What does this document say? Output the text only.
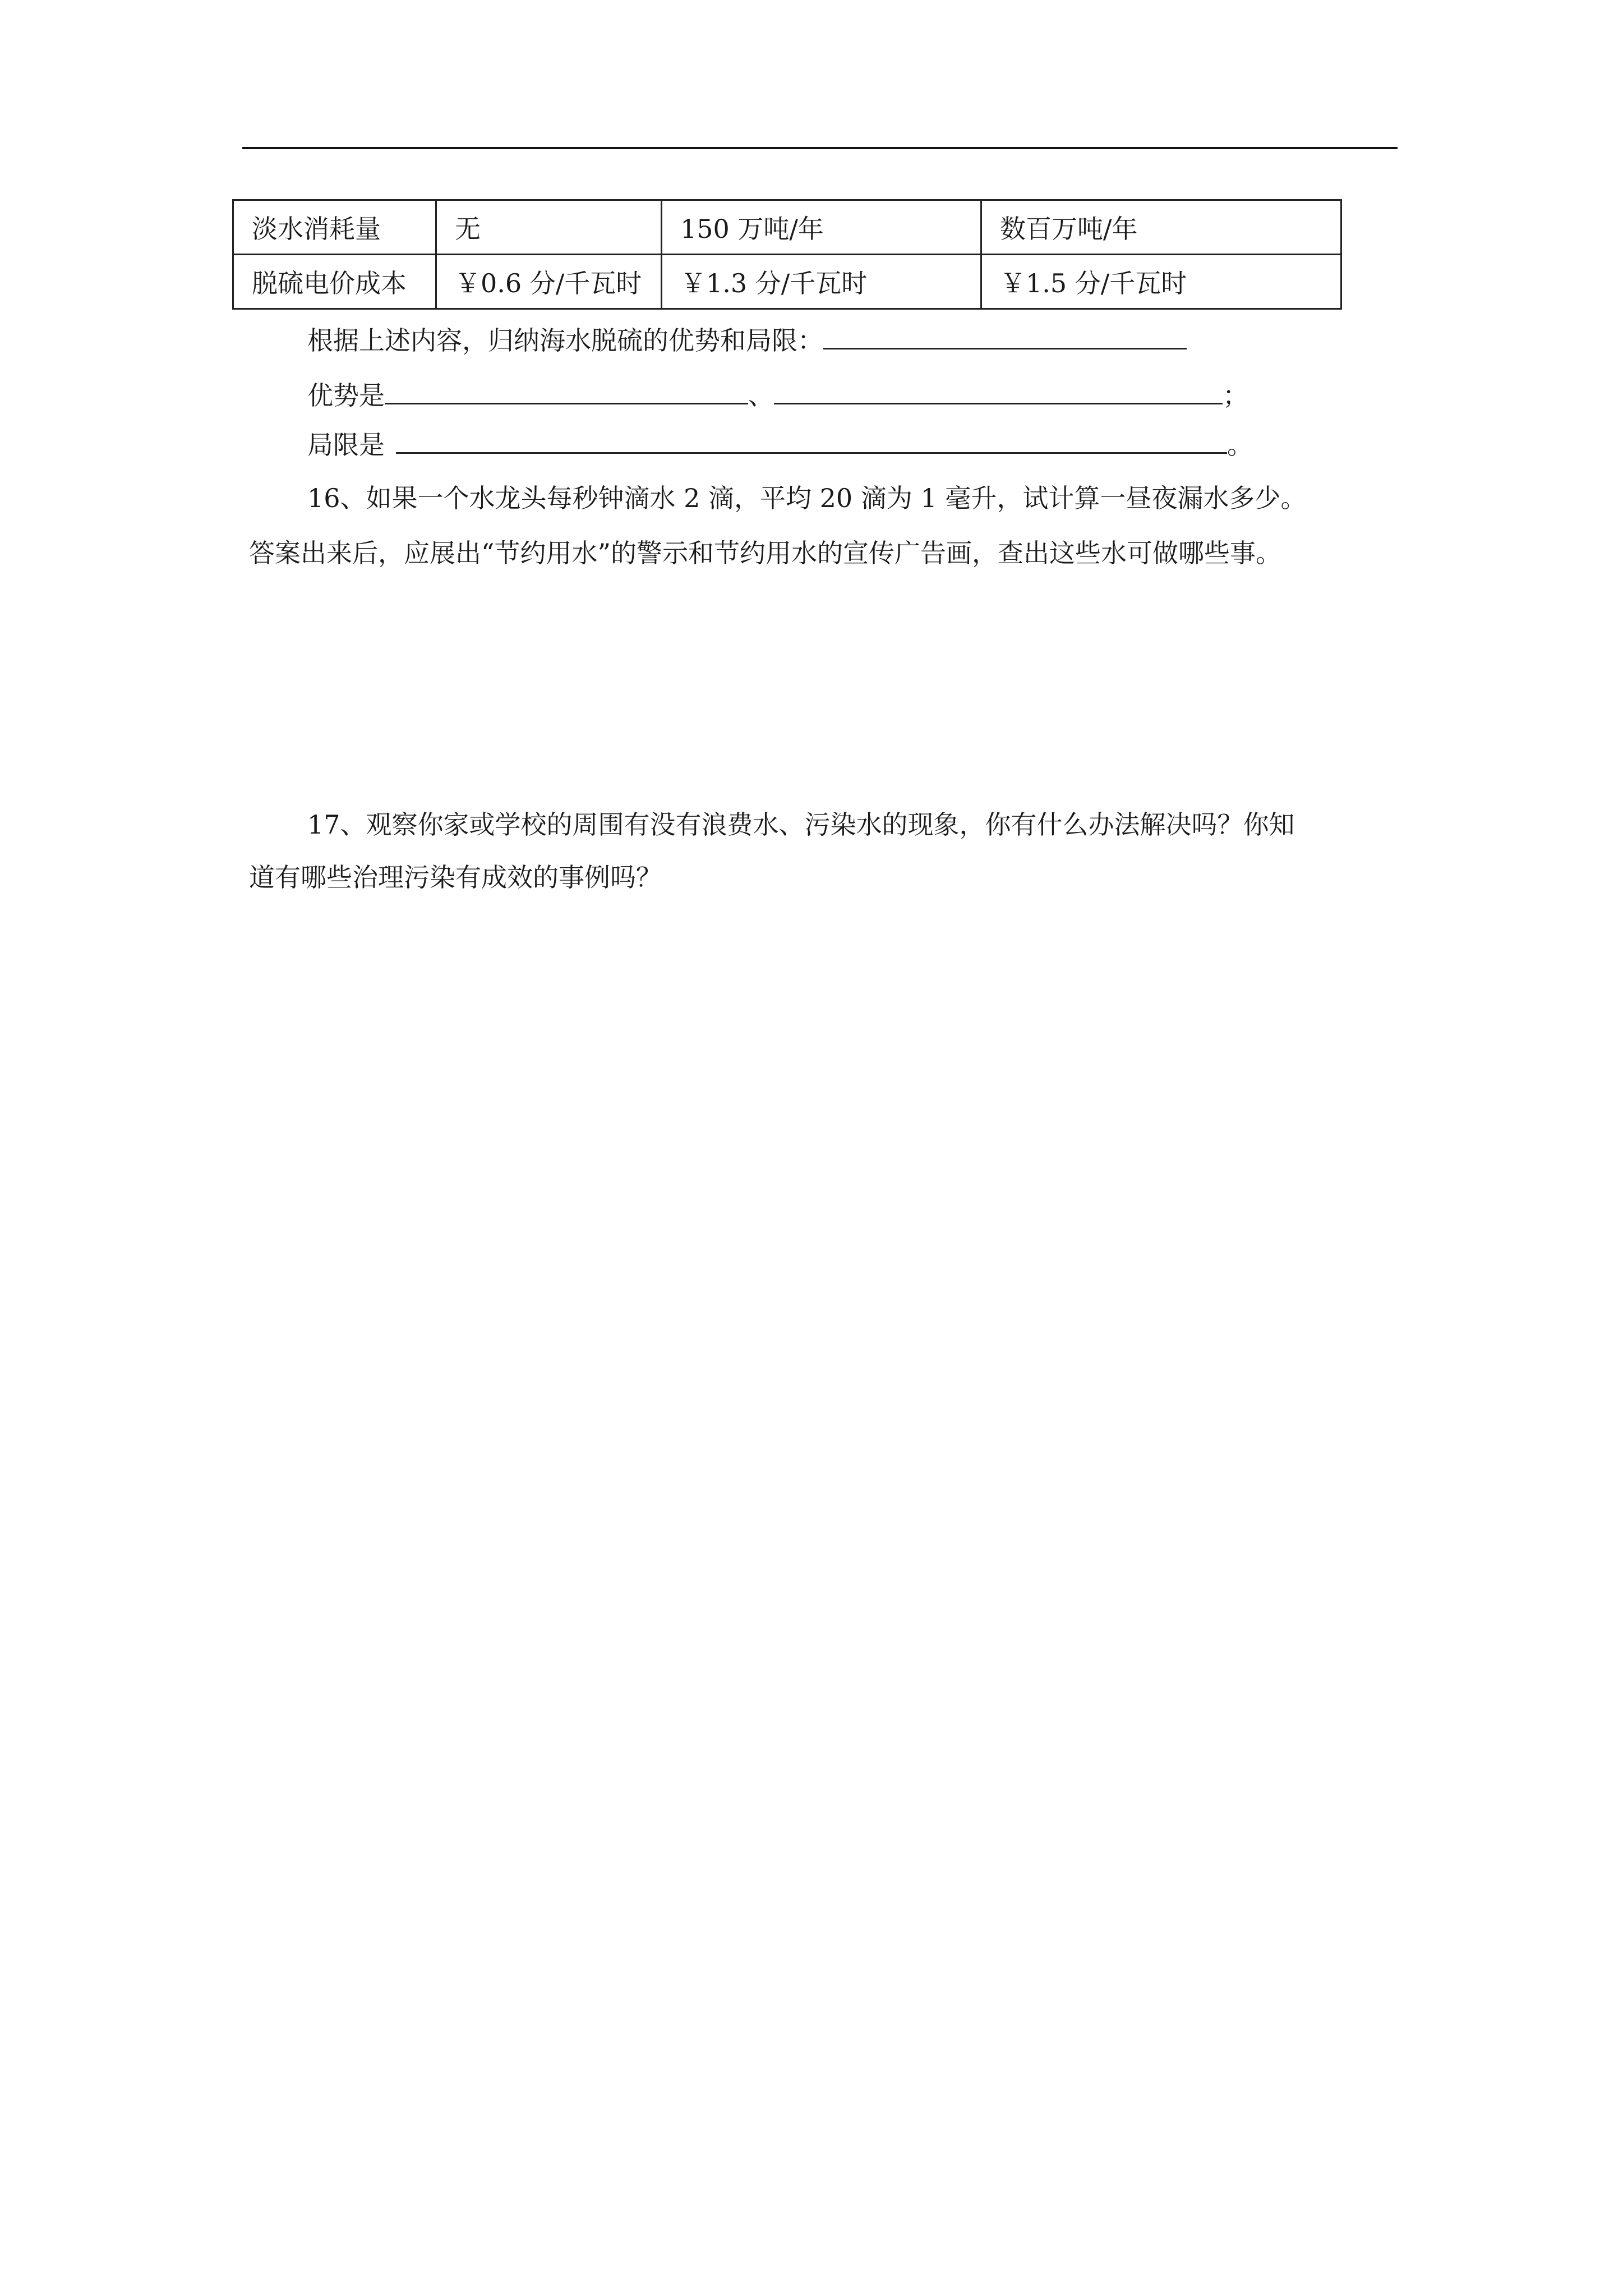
淡水消耗量	无	150 万吨/年	数百万吨/年
脱硫电价成本	￥0.6 分/千瓦时	￥1.3 分/千瓦时	￥1.5 分/千瓦时
根据上述内容，归纳海水脱硫的优势和局限：
优势是	、	；
局限是	。
16、如果一个水龙头每秒钟滴水 2 滴，平均 20 滴为 1 毫升，试计算一昼夜漏水多少。
答案出来后，应展出“节约用水”的警示和节约用水的宣传广告画，查出这些水可做哪些事。
17、观察你家或学校的周围有没有浪费水、污染水的现象，你有什么办法解决吗？你知
道有哪些治理污染有成效的事例吗？
